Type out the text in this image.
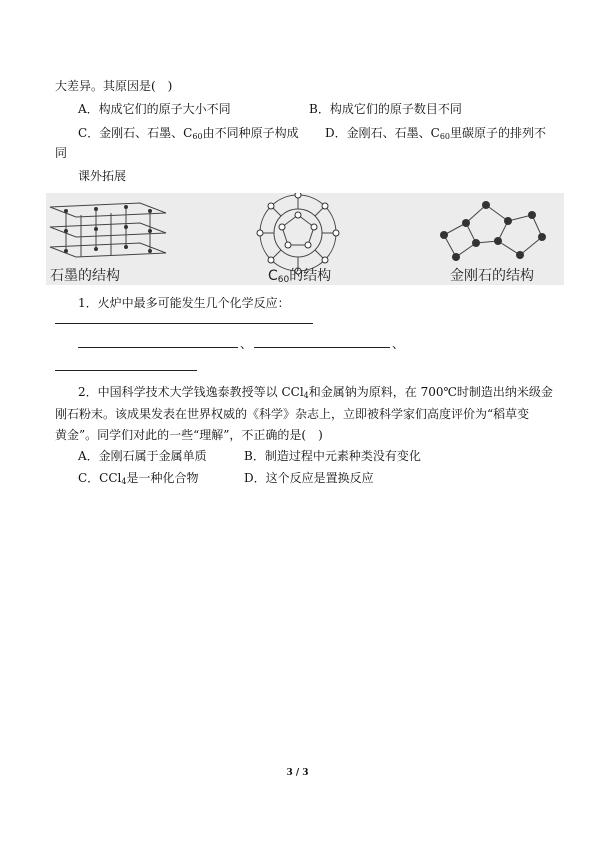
大差异。其原因是(　)
A．构成它们的原子大小不同	B．构成它们的原子数目不同
C．金刚石、石墨、$C_{60}$由不同种原子构成 D．金刚石、石墨、$C_{60}$里碳原子的排列不
同
课外拓展
石墨的结构	$C_{60}$的结构	金刚石的结构
1．火炉中最多可能发生几个化学反应：
、	、
2．中国科学技术大学钱逸泰教授等以 CCl$_4$和金属钠为原料，在 700℃时制造出纳米级金
刚石粉末。该成果发表在世界权威的《科学》杂志上，立即被科学家们高度评价为“稻草变
黄金”。同学们对此的一些“理解”，不正确的是(　)
A．金刚石属于金属单质	B．制造过程中元素种类没有变化
C．CCl$_4$是一种化合物	D．这个反应是置换反应
3 / 3
